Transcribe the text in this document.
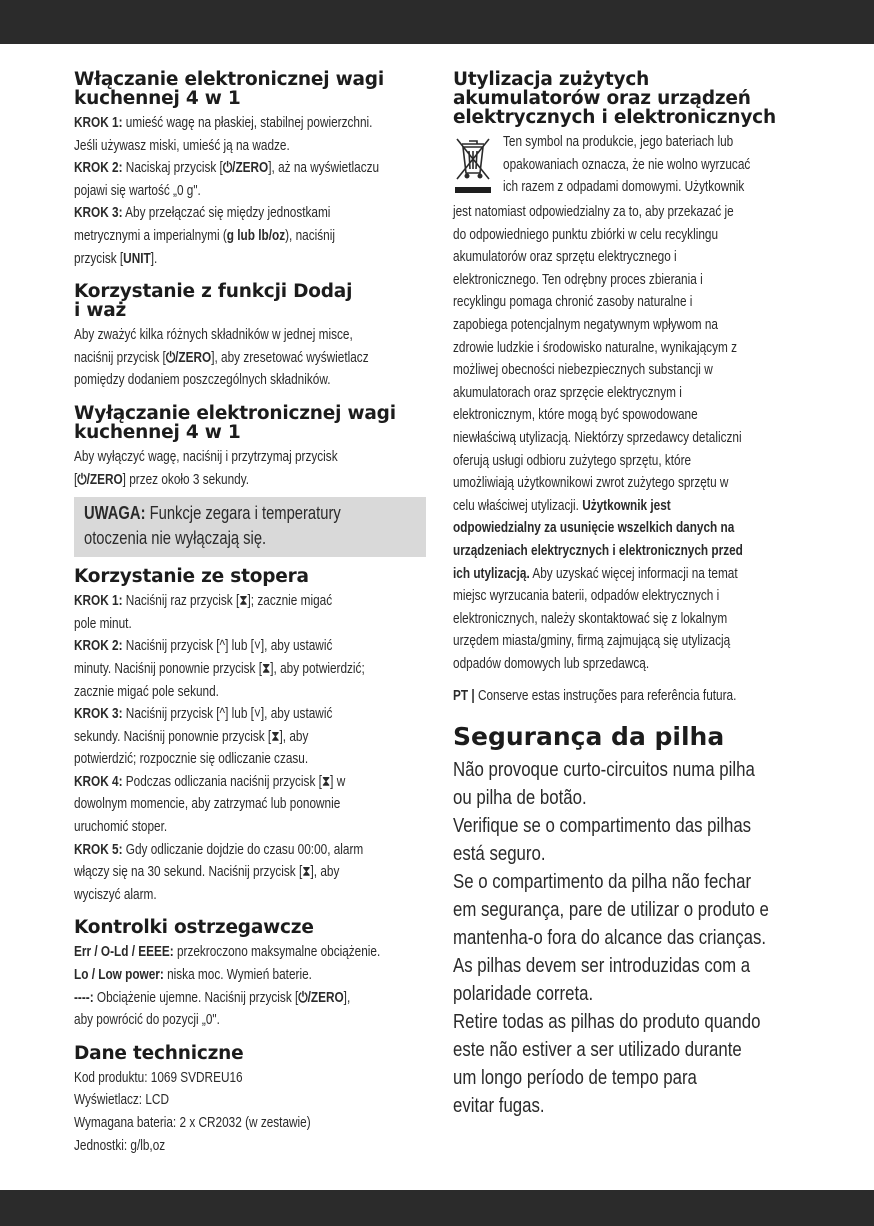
Włączanie elektronicznej wagi
kuchennej 4 w 1

KROK 1: umieść wagę na płaskiej, stabilnej powierzchni.

Jeśli używasz miski, umieść ją na wadze.

KROK 2: Naciskaj przycisk [⏻/ZERO], aż na wyświetlaczu

pojawi się wartość „0 g".

KROK 3: Aby przełączać się między jednostkami

metrycznymi a imperialnymi (g lub lb/oz), naciśnij

przycisk [UNIT].

Korzystanie z funkcji Dodaj
i waż

Aby zważyć kilka różnych składników w jednej misce,

naciśnij przycisk [⏻/ZERO], aby zresetować wyświetlacz

pomiędzy dodaniem poszczególnych składników.

Wyłączanie elektronicznej wagi
kuchennej 4 w 1

Aby wyłączyć wagę, naciśnij i przytrzymaj przycisk

[⏻/ZERO] przez około 3 sekundy.

UWAGA: Funkcje zegara i temperatury

otoczenia nie wyłączają się.

Korzystanie ze stopera

KROK 1: Naciśnij raz przycisk [⧗]; zacznie migać

pole minut.

KROK 2: Naciśnij przycisk [^] lub [˅], aby ustawić

minuty. Naciśnij ponownie przycisk [⧗], aby potwierdzić;

zacznie migać pole sekund.

KROK 3: Naciśnij przycisk [^] lub [˅], aby ustawić

sekundy. Naciśnij ponownie przycisk [⧗], aby

potwierdzić; rozpocznie się odliczanie czasu.

KROK 4: Podczas odliczania naciśnij przycisk [⧗] w

dowolnym momencie, aby zatrzymać lub ponownie

uruchomić stoper.

KROK 5: Gdy odliczanie dojdzie do czasu 00:00, alarm

włączy się na 30 sekund. Naciśnij przycisk [⧗], aby

wyciszyć alarm.

Kontrolki ostrzegawcze

Err / O-Ld / EEEE: przekroczono maksymalne obciążenie.

Lo / Low power: niska moc. Wymień baterie.

----: Obciążenie ujemne. Naciśnij przycisk [⏻/ZERO],

aby powrócić do pozycji „0".

Dane techniczne

Kod produktu: 1069 SVDREU16

Wyświetlacz: LCD

Wymagana bateria: 2 x CR2032 (w zestawie)

Jednostki: g/lb,oz

Utylizacja zużytych
akumulatorów oraz urządzeń
elektrycznych i elektronicznych

Ten symbol na produkcie, jego bateriach lub

opakowaniach oznacza, że nie wolno wyrzucać

ich razem z odpadami domowymi. Użytkownik

jest natomiast odpowiedzialny za to, aby przekazać je

do odpowiedniego punktu zbiórki w celu recyklingu

akumulatorów oraz sprzętu elektrycznego i

elektronicznego. Ten odrębny proces zbierania i

recyklingu pomaga chronić zasoby naturalne i

zapobiega potencjalnym negatywnym wpływom na

zdrowie ludzkie i środowisko naturalne, wynikającym z

możliwej obecności niebezpiecznych substancji w

akumulatorach oraz sprzęcie elektrycznym i

elektronicznym, które mogą być spowodowane

niewłaściwą utylizacją. Niektórzy sprzedawcy detaliczni

oferują usługi odbioru zużytego sprzętu, które

umożliwiają użytkownikowi zwrot zużytego sprzętu w

celu właściwej utylizacji. Użytkownik jest

odpowiedzialny za usunięcie wszelkich danych na

urządzeniach elektrycznych i elektronicznych przed

ich utylizacją. Aby uzyskać więcej informacji na temat

miejsc wyrzucania baterii, odpadów elektrycznych i

elektronicznych, należy skontaktować się z lokalnym

urzędem miasta/gminy, firmą zajmującą się utylizacją

odpadów domowych lub sprzedawcą.

PT | Conserve estas instruções para referência futura.

Segurança da pilha

Não provoque curto-circuitos numa pilha

ou pilha de botão.

Verifique se o compartimento das pilhas

está seguro.

Se o compartimento da pilha não fechar

em segurança, pare de utilizar o produto e

mantenha-o fora do alcance das crianças.

As pilhas devem ser introduzidas com a

polaridade correta.

Retire todas as pilhas do produto quando

este não estiver a ser utilizado durante

um longo período de tempo para

evitar fugas.
